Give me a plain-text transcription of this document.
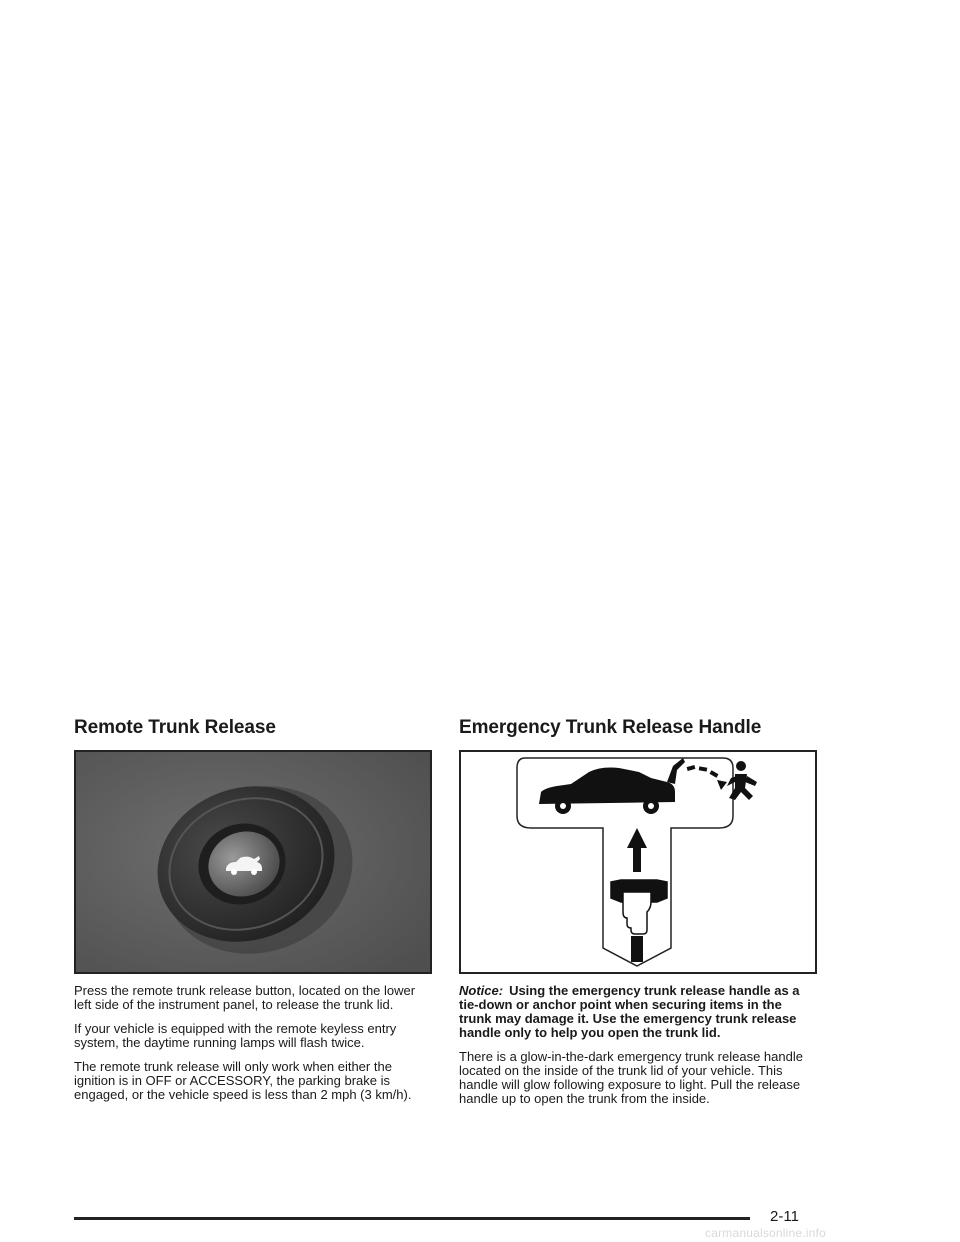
Remote Trunk Release

Press the remote trunk release button, located on the lower left side of the instrument panel, to release the trunk lid.

If your vehicle is equipped with the remote keyless entry system, the daytime running lamps will flash twice.

The remote trunk release will only work when either the ignition is in OFF or ACCESSORY, the parking brake is engaged, or the vehicle speed is less than 2 mph (3 km/h).

Emergency Trunk Release Handle

Notice: Using the emergency trunk release handle as a tie-down or anchor point when securing items in the trunk may damage it. Use the emergency trunk release handle only to help you open the trunk lid.

There is a glow-in-the-dark emergency trunk release handle located on the inside of the trunk lid of your vehicle. This handle will glow following exposure to light. Pull the release handle up to open the trunk from the inside.

2-11
carmanualsonline.info
